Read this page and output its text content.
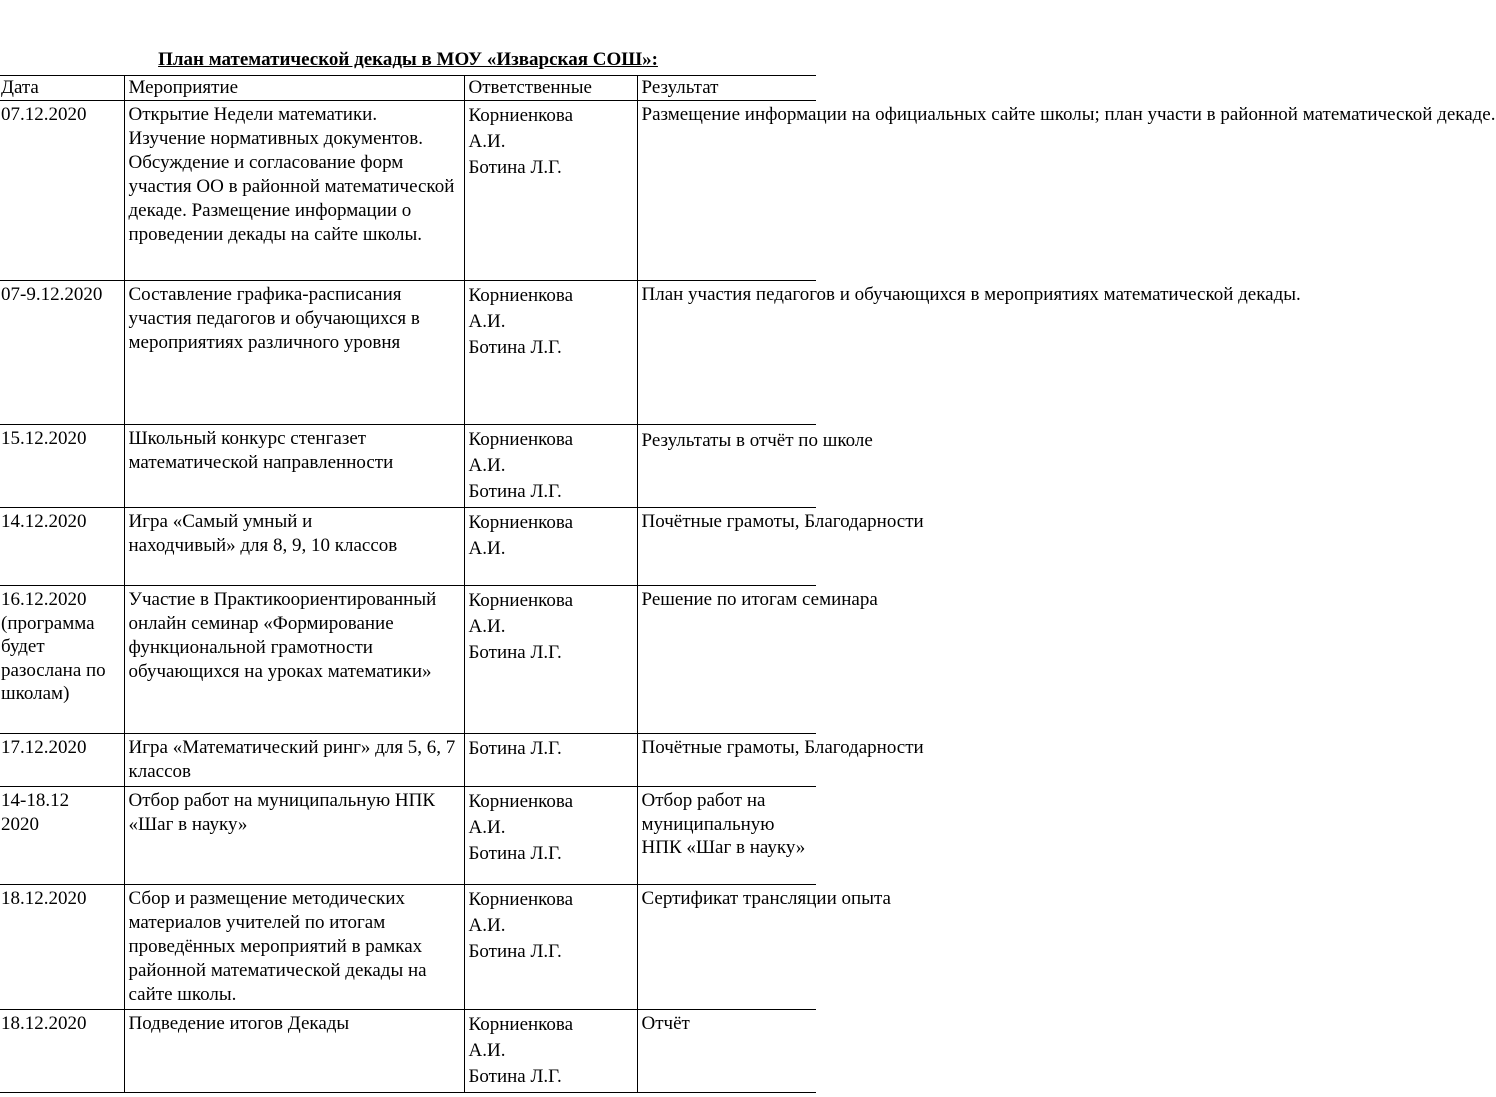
План математической декады в МОУ «Изварская СОШ»:
Дата	Мероприятие	Ответственные	Результат
07.12.2020	Открытие Недели математики.
Изучение нормативных документов.
Обсуждение и согласование форм участия ОО в районной математической декаде. Размещение информации о проведении декады на сайте школы.	Корниенкова
А.И.
Ботина Л.Г.	Размещение информации на официальных сайте школы; план участи в районной математической декаде.
07-9.12.2020	Составление графика-расписания участия педагогов и обучающихся в мероприятиях различного уровня	Корниенкова
А.И.
Ботина Л.Г.	План участия педагогов и обучающихся в мероприятиях математической декады.
15.12.2020	Школьный конкурс стенгазет математической направленности	Корниенкова
А.И.
Ботина Л.Г.	Результаты в отчёт по школе
14.12.2020	Игра «Самый умный и
находчивый» для 8, 9, 10 классов	Корниенкова
А.И.	Почётные грамоты, Благодарности
16.12.2020 (программа будет разослана по школам)	Участие в Практикоориентированный онлайн семинар «Формирование функциональной грамотности обучающихся на уроках математики»	Корниенкова
А.И.
Ботина Л.Г.	Решение по итогам семинара
17.12.2020	Игра «Математический ринг» для 5, 6, 7 классов	Ботина Л.Г.	Почётные грамоты, Благодарности
14-18.12
2020	Отбор работ на муниципальную НПК «Шаг в науку»	Корниенкова
А.И.
Ботина Л.Г.	Отбор работ на муниципальную НПК «Шаг в науку»
18.12.2020	Сбор и размещение методических материалов учителей по итогам проведённых мероприятий в рамках районной математической декады на сайте школы.	Корниенкова
А.И.
Ботина Л.Г.	Сертификат трансляции опыта
18.12.2020	Подведение итогов Декады	Корниенкова
А.И.
Ботина Л.Г.	Отчёт
